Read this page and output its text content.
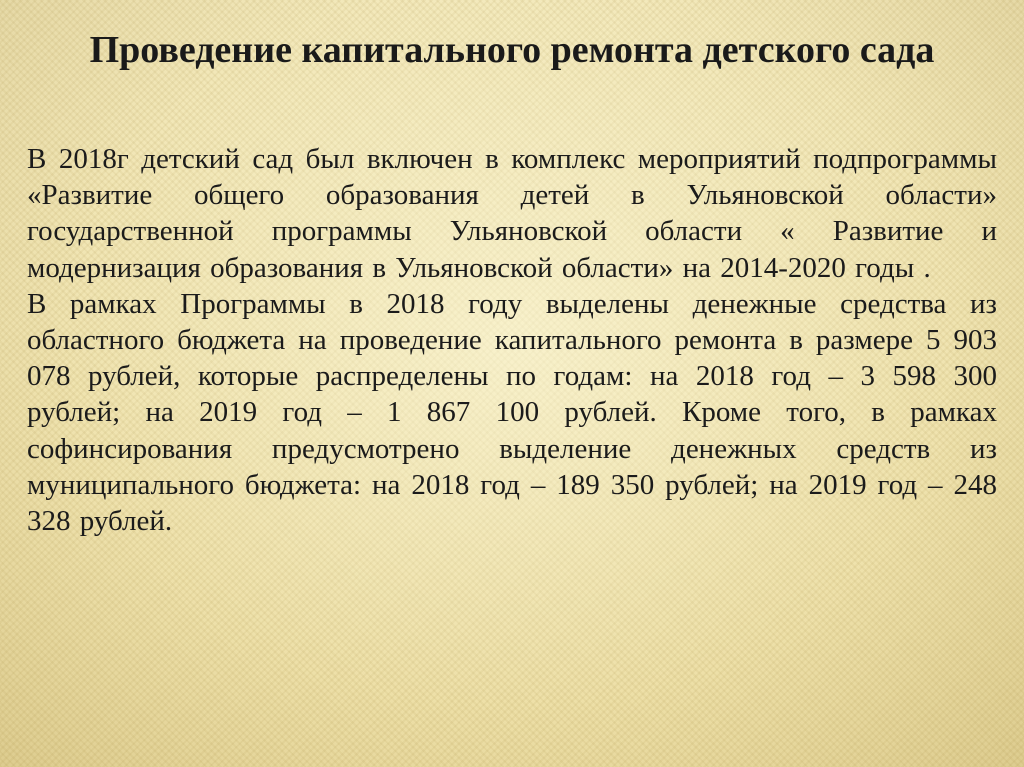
Проведение капитального ремонта детского сада

В 2018г детский сад был включен в комплекс мероприятий подпрограммы «Развитие общего образования детей в Ульяновской области» государственной программы Ульяновской области « Развитие и модернизация образования в Ульяновской области» на 2014-2020 годы .

В рамках Программы в 2018 году выделены денежные средства из областного бюджета на проведение капитального ремонта в размере 5 903 078 рублей, которые распределены по годам: на 2018 год – 3 598 300 рублей; на 2019 год – 1 867 100 рублей. Кроме того, в рамках софинсирования предусмотрено выделение денежных средств из муниципального бюджета: на 2018 год – 189 350 рублей; на 2019 год – 248 328 рублей.
